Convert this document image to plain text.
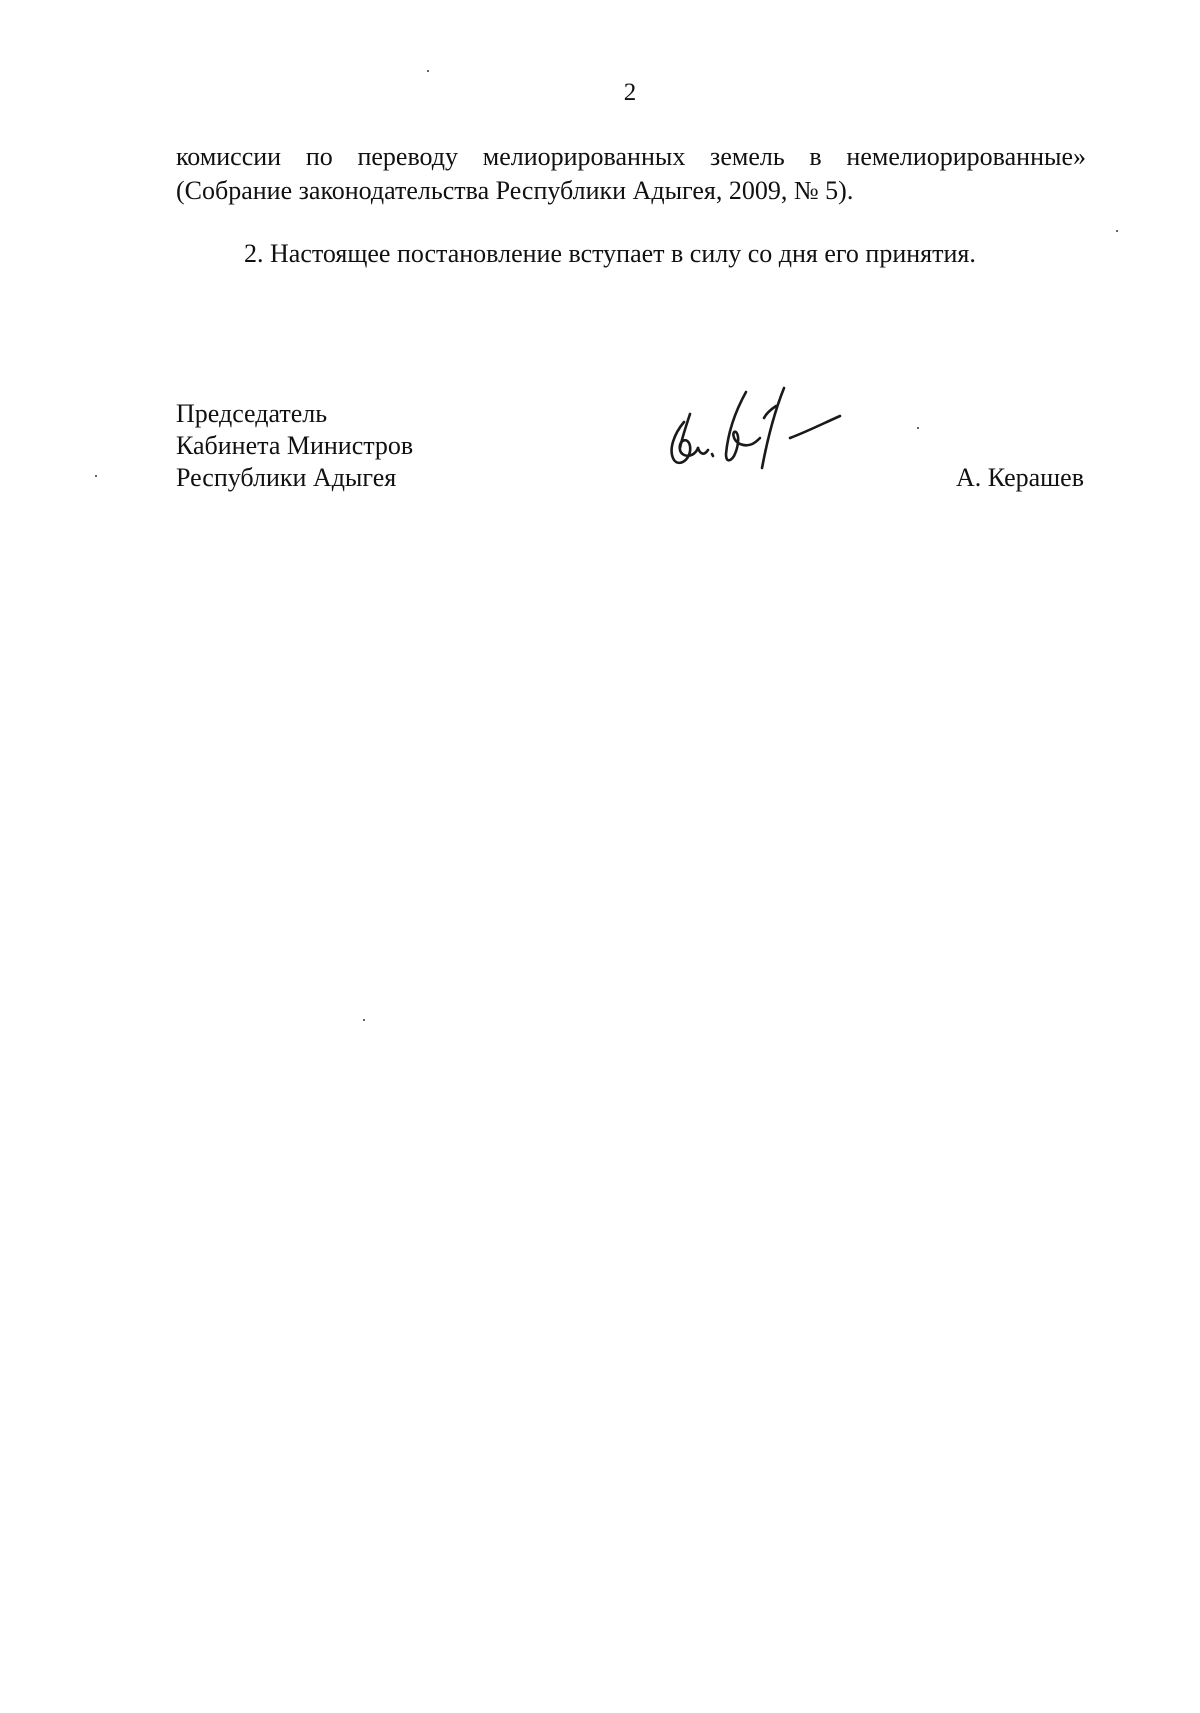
2
комиссии по переводу мелиорированных земель в немелиорированные»
(Собрание законодательства Республики Адыгея, 2009, № 5).
2. Настоящее постановление вступает в силу со дня его принятия.
Председатель
Кабинета Министров
Республики Адыгея	А. Керашев
